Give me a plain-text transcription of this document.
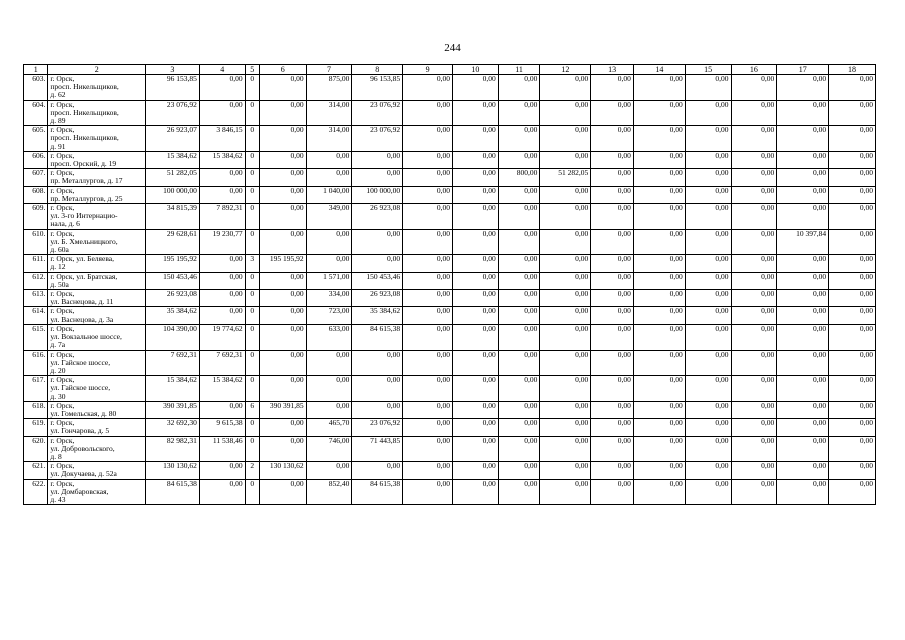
244
1	2	3	4	5	6	7	8	9	10	11	12	13	14	15	16	17	18
603.	г. Орск,
просп. Никельщиков,
д. 62	96 153,85	0,00	0	0,00	875,00	96 153,85	0,00	0,00	0,00	0,00	0,00	0,00	0,00	0,00	0,00	0,00
604.	г. Орск,
просп. Никельщиков,
д. 89	23 076,92	0,00	0	0,00	314,00	23 076,92	0,00	0,00	0,00	0,00	0,00	0,00	0,00	0,00	0,00	0,00
605.	г. Орск,
просп. Никельщиков,
д. 91	26 923,07	3 846,15	0	0,00	314,00	23 076,92	0,00	0,00	0,00	0,00	0,00	0,00	0,00	0,00	0,00	0,00
606.	г. Орск,
просп. Орский, д. 19	15 384,62	15 384,62	0	0,00	0,00	0,00	0,00	0,00	0,00	0,00	0,00	0,00	0,00	0,00	0,00	0,00
607.	г. Орск,
пр. Металлургов, д. 17	51 282,05	0,00	0	0,00	0,00	0,00	0,00	0,00	800,00	51 282,05	0,00	0,00	0,00	0,00	0,00	0,00
608.	г. Орск,
пр. Металлургов, д. 25	100 000,00	0,00	0	0,00	1 040,00	100 000,00	0,00	0,00	0,00	0,00	0,00	0,00	0,00	0,00	0,00	0,00
609.	г. Орск,
ул. 3-го Интернацио-
нала, д. 6	34 815,39	7 892,31	0	0,00	349,00	26 923,08	0,00	0,00	0,00	0,00	0,00	0,00	0,00	0,00	0,00	0,00
610.	г. Орск,
ул. Б. Хмельницкого,
д. 60а	29 628,61	19 230,77	0	0,00	0,00	0,00	0,00	0,00	0,00	0,00	0,00	0,00	0,00	0,00	10 397,84	0,00
611.	г. Орск, ул. Беляева,
д. 12	195 195,92	0,00	3	195 195,92	0,00	0,00	0,00	0,00	0,00	0,00	0,00	0,00	0,00	0,00	0,00	0,00
612.	г. Орск, ул. Братская,
д. 50а	150 453,46	0,00	0	0,00	1 571,00	150 453,46	0,00	0,00	0,00	0,00	0,00	0,00	0,00	0,00	0,00	0,00
613.	г. Орск,
ул. Васнецова, д. 11	26 923,08	0,00	0	0,00	334,00	26 923,08	0,00	0,00	0,00	0,00	0,00	0,00	0,00	0,00	0,00	0,00
614.	г. Орск,
ул. Васнецова, д. 3а	35 384,62	0,00	0	0,00	723,00	35 384,62	0,00	0,00	0,00	0,00	0,00	0,00	0,00	0,00	0,00	0,00
615.	г. Орск,
ул. Вокзальное шоссе,
д. 7а	104 390,00	19 774,62	0	0,00	633,00	84 615,38	0,00	0,00	0,00	0,00	0,00	0,00	0,00	0,00	0,00	0,00
616.	г. Орск,
ул. Гайское шоссе,
д. 20	7 692,31	7 692,31	0	0,00	0,00	0,00	0,00	0,00	0,00	0,00	0,00	0,00	0,00	0,00	0,00	0,00
617.	г. Орск,
ул. Гайское шоссе,
д. 30	15 384,62	15 384,62	0	0,00	0,00	0,00	0,00	0,00	0,00	0,00	0,00	0,00	0,00	0,00	0,00	0,00
618.	г. Орск,
ул. Гомельская, д. 80	390 391,85	0,00	6	390 391,85	0,00	0,00	0,00	0,00	0,00	0,00	0,00	0,00	0,00	0,00	0,00	0,00
619.	г. Орск,
ул. Гончарова, д. 5	32 692,30	9 615,38	0	0,00	465,70	23 076,92	0,00	0,00	0,00	0,00	0,00	0,00	0,00	0,00	0,00	0,00
620.	г. Орск,
ул. Добровольского,
д. 8	82 982,31	11 538,46	0	0,00	746,00	71 443,85	0,00	0,00	0,00	0,00	0,00	0,00	0,00	0,00	0,00	0,00
621.	г. Орск,
ул. Докучаева, д. 52а	130 130,62	0,00	2	130 130,62	0,00	0,00	0,00	0,00	0,00	0,00	0,00	0,00	0,00	0,00	0,00	0,00
622.	г. Орск,
ул. Домбаровская,
д. 43	84 615,38	0,00	0	0,00	852,40	84 615,38	0,00	0,00	0,00	0,00	0,00	0,00	0,00	0,00	0,00	0,00
